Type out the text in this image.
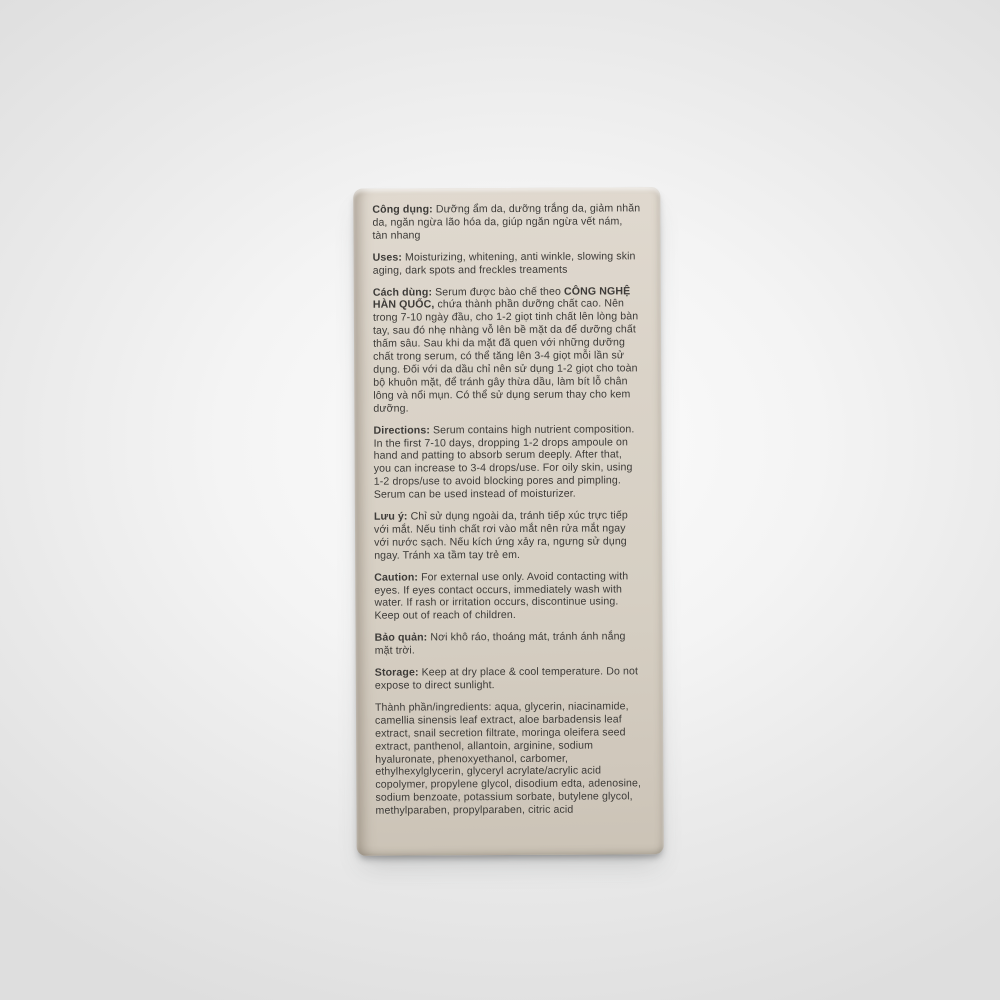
Công dụng: Dưỡng ẩm da, dưỡng trắng da, giảm nhăn da, ngăn ngừa lão hóa da, giúp ngăn ngừa vết nám, tàn nhang

Uses: Moisturizing, whitening, anti winkle, slowing skin aging, dark spots and freckles treaments

Cách dùng: Serum được bào chế theo CÔNG NGHỆ HÀN QUỐC, chứa thành phần dưỡng chất cao. Nên trong 7-10 ngày đầu, cho 1-2 giọt tinh chất lên lòng bàn tay, sau đó nhẹ nhàng vỗ lên bề mặt da để dưỡng chất thấm sâu. Sau khi da mặt đã quen với những dưỡng chất trong serum, có thể tăng lên 3-4 giọt mỗi lần sử dụng. Đối với da dầu chỉ nên sử dụng 1-2 giọt cho toàn bộ khuôn mặt, để tránh gây thừa dầu, làm bít lỗ chân lông và nổi mụn. Có thể sử dụng serum thay cho kem dưỡng.

Directions: Serum contains high nutrient composition. In the first 7-10 days, dropping 1-2 drops ampoule on hand and patting to absorb serum deeply. After that, you can increase to 3-4 drops/use. For oily skin, using 1-2 drops/use to avoid blocking pores and pimpling. Serum can be used instead of moisturizer.

Lưu ý: Chỉ sử dụng ngoài da, tránh tiếp xúc trực tiếp với mắt. Nếu tinh chất rơi vào mắt nên rửa mắt ngay với nước sạch. Nếu kích ứng xảy ra, ngưng sử dụng ngay. Tránh xa tầm tay trẻ em.

Caution: For external use only. Avoid contacting with eyes. If eyes contact occurs, immediately wash with water. If rash or irritation occurs, discontinue using. Keep out of reach of children.

Bảo quản: Nơi khô ráo, thoáng mát, tránh ánh nắng mặt trời.

Storage: Keep at dry place & cool temperature. Do not expose to direct sunlight.

Thành phần/ingredients: aqua, glycerin, niacinamide, camellia sinensis leaf extract, aloe barbadensis leaf extract, snail secretion filtrate, moringa oleifera seed extract, panthenol, allantoin, arginine, sodium hyaluronate, phenoxyethanol, carbomer, ethylhexylglycerin, glyceryl acrylate/acrylic acid copolymer, propylene glycol, disodium edta, adenosine, sodium benzoate, potassium sorbate, butylene glycol, methylparaben, propylparaben, citric acid
